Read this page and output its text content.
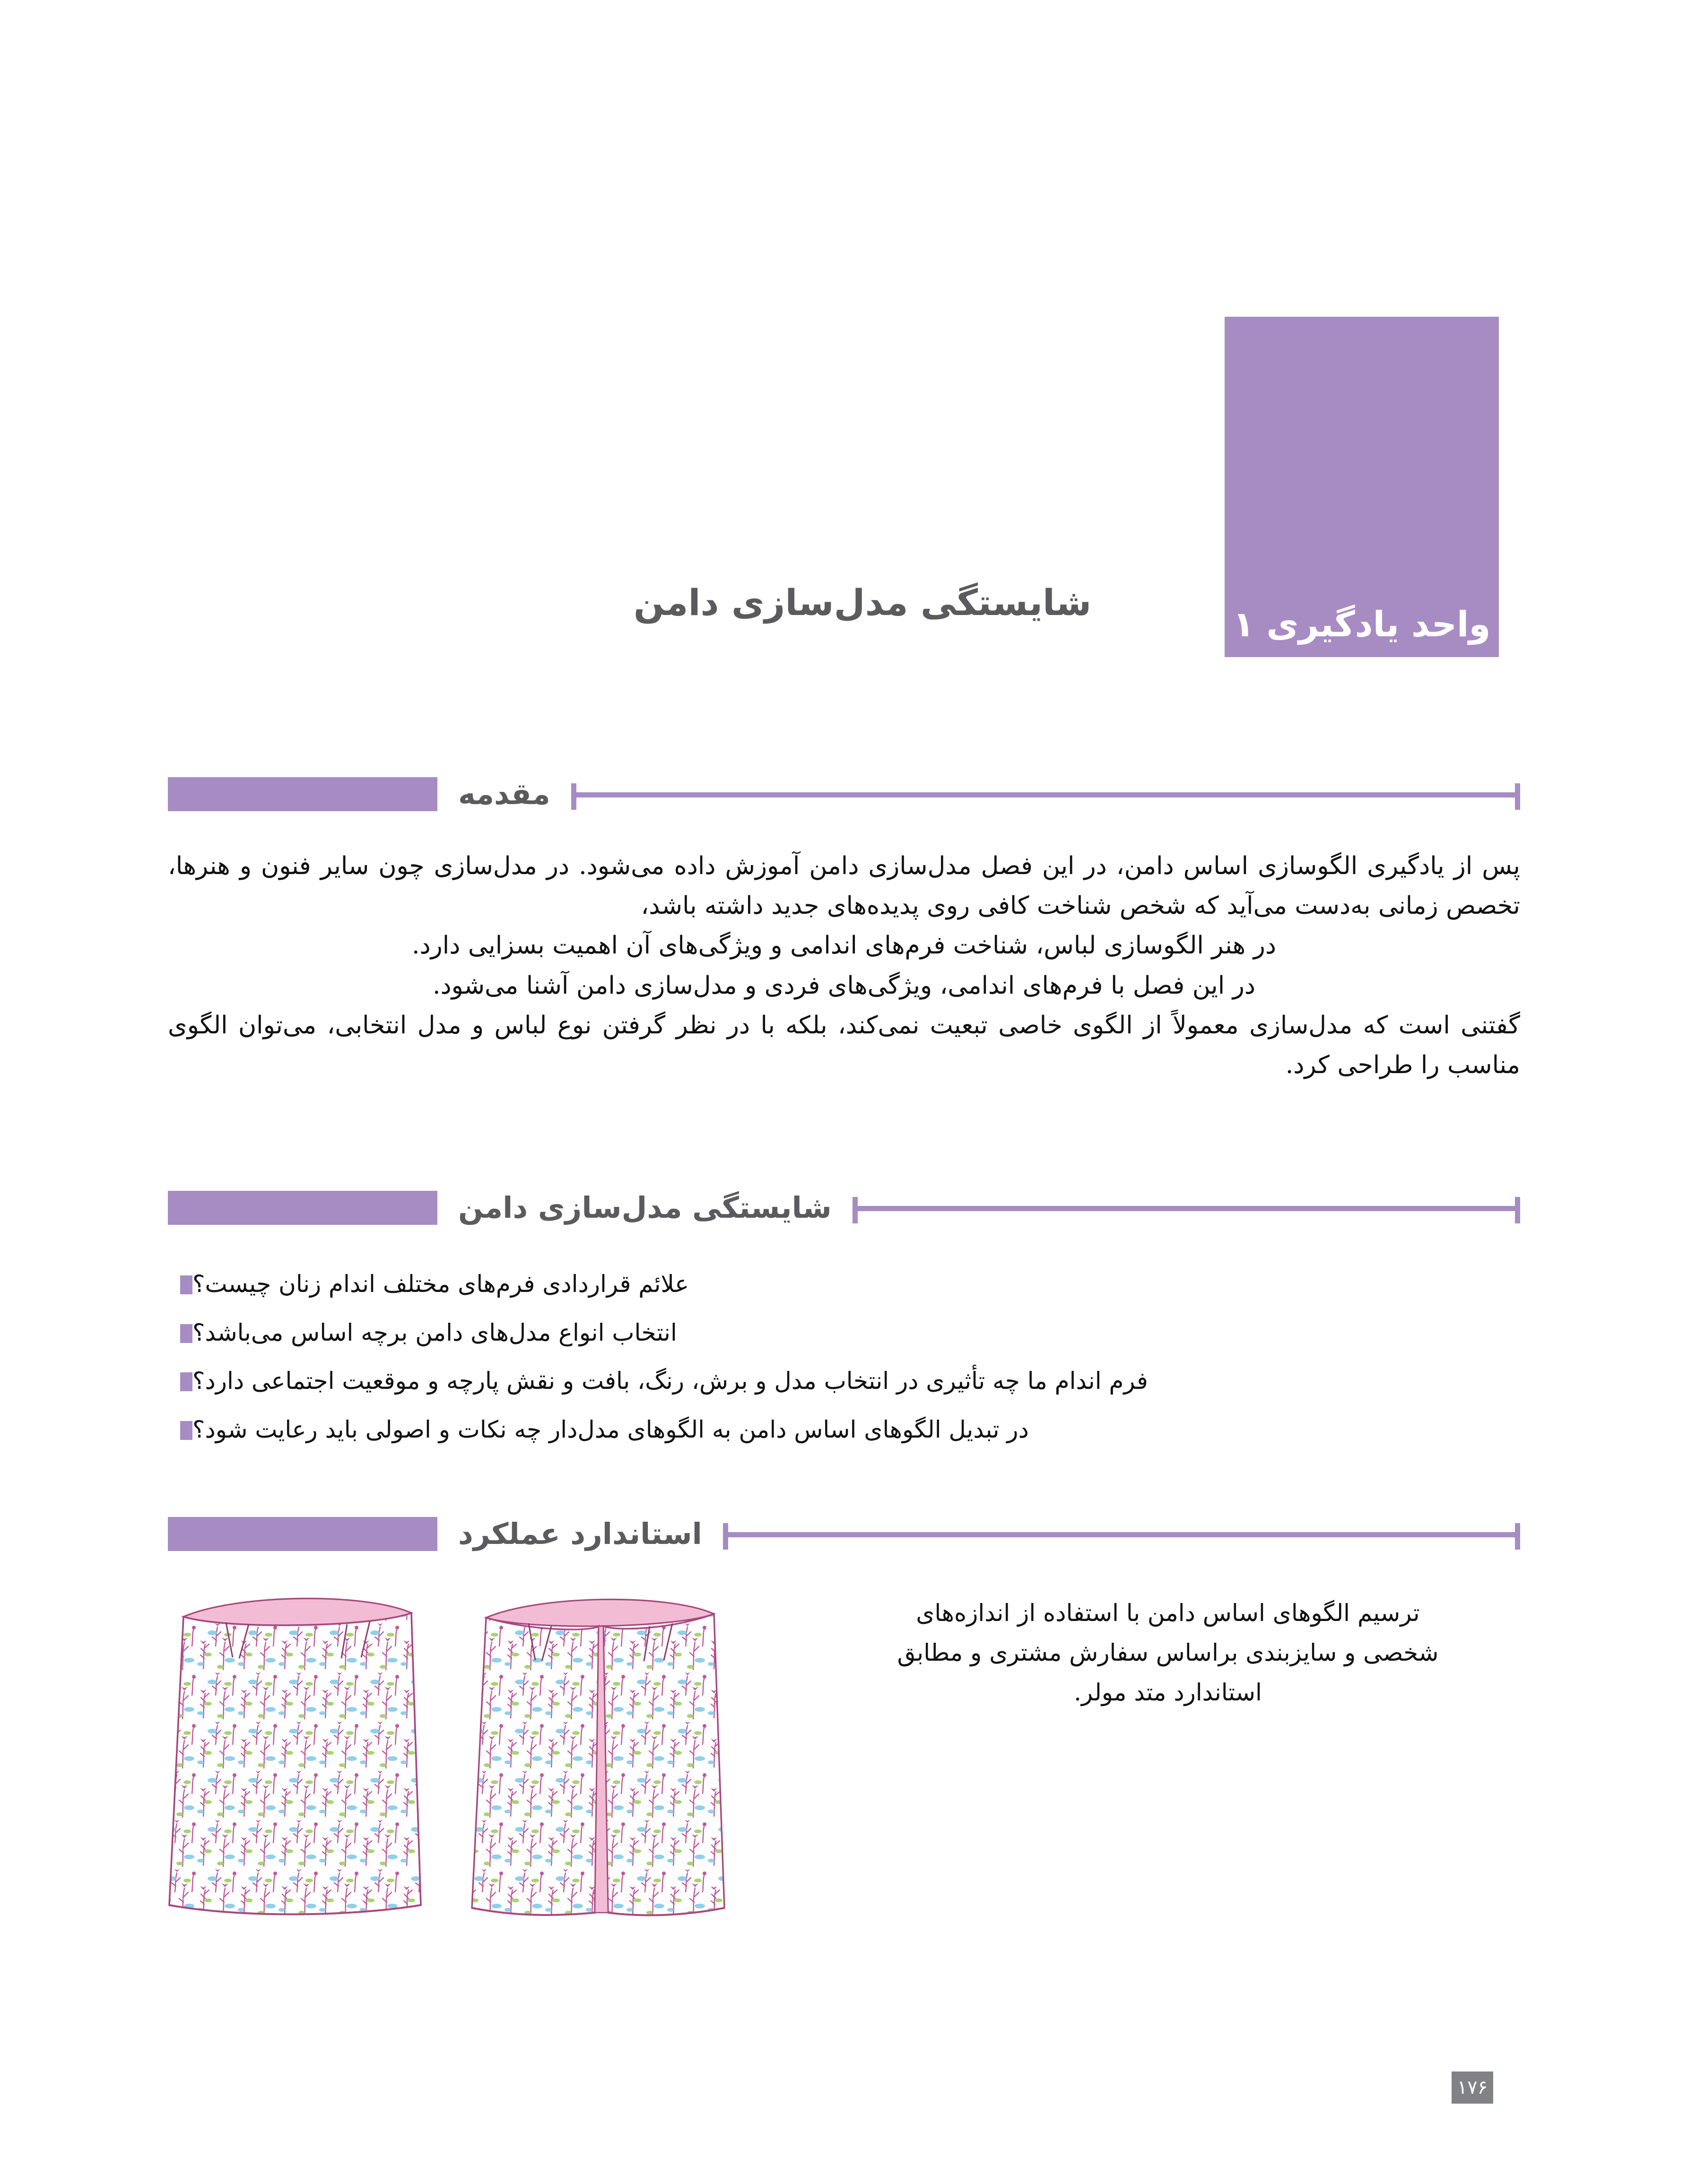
واحد یادگیری ۱
شایستگی مدل‌سازی دامن
مقدمه

پس از یادگیری الگوسازی اساس دامن، در این فصل مدل‌سازی دامن آموزش داده می‌شود. در مدل‌سازی چون سایر فنون و هنرها، تخصص زمانی به‌دست می‌آید که شخص شناخت کافی روی پدیده‌های جدید داشته باشد،

در هنر الگوسازی لباس، شناخت فرم‌های اندامی و ویژگی‌های آن اهمیت بسزایی دارد.

در این فصل با فرم‌های اندامی، ویژگی‌های فردی و مدل‌سازی دامن آشنا می‌شود.

گفتنی است که مدل‌سازی معمولاً از الگوی خاصی تبعیت نمی‌کند، بلکه با در نظر گرفتن نوع لباس و مدل انتخابی، می‌توان الگوی مناسب را طراحی کرد.

شایستگی مدل‌سازی دامن
علائم قراردادی فرم‌های مختلف اندام زنان چیست؟
انتخاب انواع مدل‌های دامن برچه اساس می‌باشد؟
فرم اندام ما چه تأثیری در انتخاب مدل و برش، رنگ، بافت و نقش پارچه و موقعیت اجتماعی دارد؟
در تبدیل الگوهای اساس دامن به الگوهای مدل‌دار چه نکات و اصولی باید رعایت شود؟
استاندارد عملکرد

ترسیم الگوهای اساس دامن با استفاده از اندازه‌های

شخصی و سایزبندی براساس سفارش مشتری و مطابق

استاندارد متد مولر.

۱۷۶
